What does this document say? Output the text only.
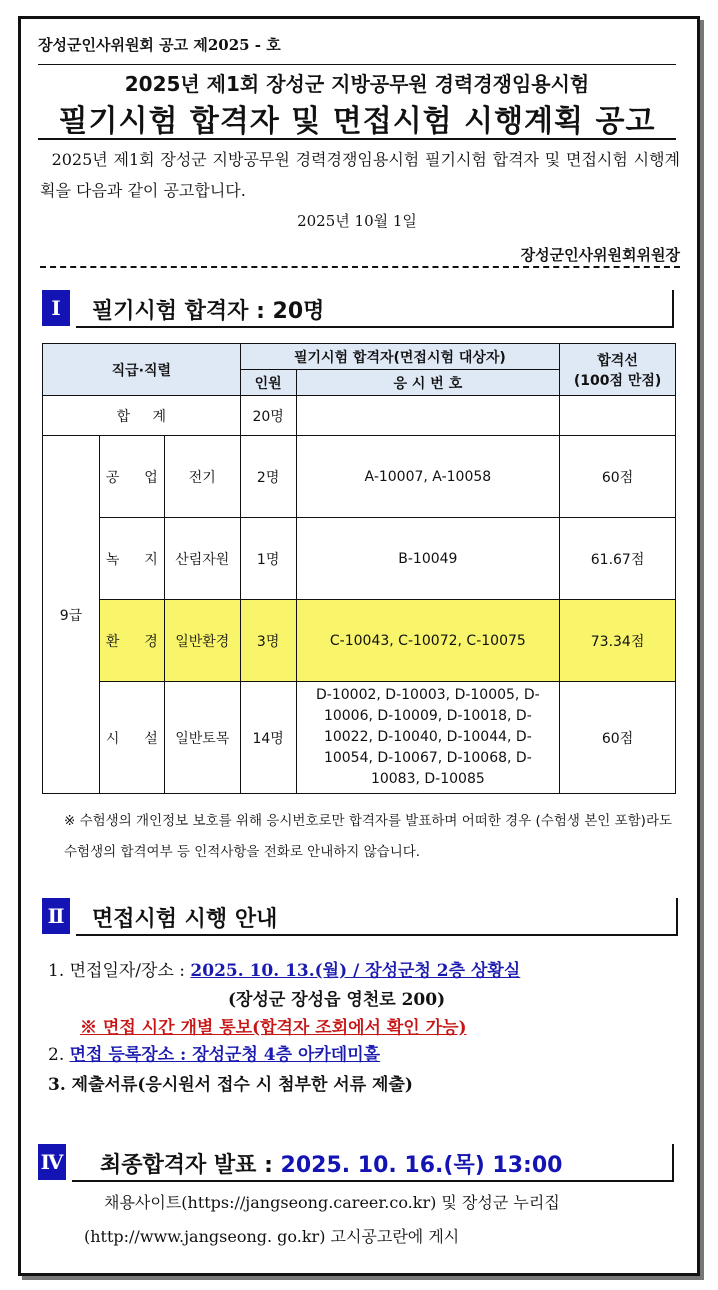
장성군인사위원회 공고 제2025 - 호
2025년 제1회 장성군 지방공무원 경력경쟁임용시험
필기시험 합격자 및 면접시험 시행계획 공고
2025년 제1회 장성군 지방공무원 경력경쟁임용시험 필기시험 합격자 및 면접시험 시행계획을 다음과 같이 공고합니다.
2025년 10월 1일
장성군인사위원회위원장
Ⅰ	필기시험 합격자 : 20명
직급·직렬			필기시험 합격자(면접시험 대상자)		합격선
(100점 만점)

			인원	응 시 번 호	
합 계			20명		
9급	공 업	전기	2명	A-10007, A-10058	60점

	녹 지	산림자원	1명	B-10049	61.67점

	환 경	일반환경	3명	C-10043, C-10072, C-10075	73.34점

	시 설	일반토목	14명	D-10002, D-10003, D-10005, D-10006, D-10009, D-10018, D-10022, D-10040, D-10044, D-10054, D-10067, D-10068, D-10083, D-10085	60점
※ 수험생의 개인정보 보호를 위해 응시번호로만 합격자를 발표하며 어떠한 경우 (수험생 본인 포함)라도 수험생의 합격여부 등 인적사항을 전화로 안내하지 않습니다.
Ⅱ 면접시험 시행 안내
1. 면접일자/장소 : 2025. 10. 13.(월) / 장성군청 2층 상황실
(장성군 장성읍 영천로 200)
※ 면접 시간 개별 통보(합격자 조회에서 확인 가능)
2. 면접 등록장소 : 장성군청 4층 아카데미홀
3. 제출서류(응시원서 접수 시 첨부한 서류 제출)
Ⅳ 최종합격자 발표 : 2025. 10. 16.(목) 13:00
채용사이트(https://jangseong.career.co.kr) 및 장성군 누리집
(http://www.jangseong. go.kr) 고시공고란에 게시
